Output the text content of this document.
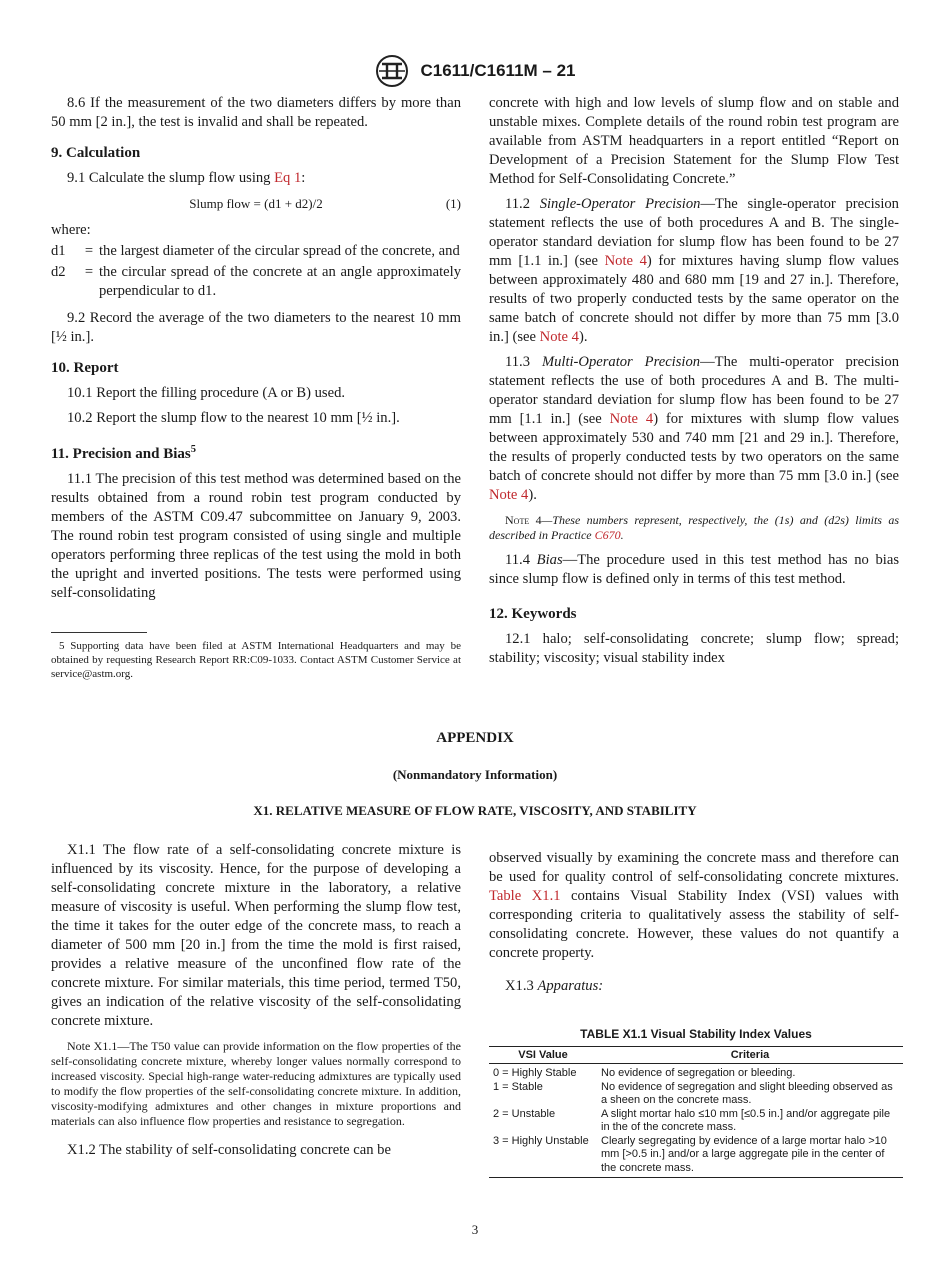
C1611/C1611M – 21

8.6 If the measurement of the two diameters differs by more than 50 mm [2 in.], the test is invalid and shall be repeated.

9. Calculation

9.1 Calculate the slump flow using Eq 1:

Slump flow = (d1 + d2)/2	(1)
where:
d1	= the largest diameter of the circular spread of the concrete, and
d2	= the circular spread of the concrete at an angle approximately perpendicular to d1.

9.2 Record the average of the two diameters to the nearest 10 mm [½ in.].

10. Report

10.1 Report the filling procedure (A or B) used.

10.2 Report the slump flow to the nearest 10 mm [½ in.].

11. Precision and Bias$^5$

11.1 The precision of this test method was determined based on the results obtained from a round robin test program conducted by members of the ASTM C09.47 subcommittee on January 9, 2003. The round robin test program consisted of using single and multiple operators performing three replicas of the test using the mold in both the upright and inverted positions. The tests were performed using self-consolidating

5 Supporting data have been filed at ASTM International Headquarters and may be obtained by requesting Research Report RR:C09-1033. Contact ASTM Customer Service at service@astm.org.

concrete with high and low levels of slump flow and on stable and unstable mixes. Complete details of the round robin test program are available from ASTM headquarters in a report entitled “Report on Development of a Precision Statement for the Slump Flow Test Method for Self-Consolidating Concrete.”

11.2 Single-Operator Precision—The single-operator precision statement reflects the use of both procedures A and B. The single-operator standard deviation for slump flow has been found to be 27 mm [1.1 in.] (see Note 4) for mixtures having slump flow values between approximately 480 and 680 mm [19 and 27 in.]. Therefore, results of two properly conducted tests by the same operator on the same batch of concrete should not differ by more than 75 mm [3.0 in.] (see Note 4).

11.3 Multi-Operator Precision—The multi-operator precision statement reflects the use of both procedures A and B. The multi-operator standard deviation for slump flow has been found to be 27 mm [1.1 in.] (see Note 4) for mixtures with slump flow values between approximately 530 and 740 mm [21 and 29 in.]. Therefore, the results of properly conducted tests by two operators on the same batch of concrete should not differ by more than 75 mm [3.0 in.] (see Note 4).

Note 4—These numbers represent, respectively, the (1s) and (d2s) limits as described in Practice C670.

11.4 Bias—The procedure used in this test method has no bias since slump flow is defined only in terms of this test method.

12. Keywords

12.1 halo; self-consolidating concrete; slump flow; spread; stability; viscosity; visual stability index

APPENDIX
(Nonmandatory Information)
X1. RELATIVE MEASURE OF FLOW RATE, VISCOSITY, AND STABILITY

X1.1 The flow rate of a self-consolidating concrete mixture is influenced by its viscosity. Hence, for the purpose of developing a self-consolidating concrete mixture in the laboratory, a relative measure of viscosity is useful. When performing the slump flow test, the time it takes for the outer edge of the concrete mass, to reach a diameter of 500 mm [20 in.] from the time the mold is first raised, provides a relative measure of the unconfined flow rate of the concrete mixture. For similar materials, this time period, termed T50, gives an indication of the relative viscosity of the self-consolidating concrete mixture.

Note X1.1—The T50 value can provide information on the flow properties of the self-consolidating concrete mixture, whereby longer values normally correspond to increased viscosity. Special high-range water-reducing admixtures are typically used to modify the flow properties of the self-consolidating concrete mixture. In addition, viscosity-modifying admixtures and other changes in mixture proportions and materials can also influence flow properties and resistance to segregation.

X1.2 The stability of self-consolidating concrete can be

observed visually by examining the concrete mass and therefore can be used for quality control of self-consolidating concrete mixtures. Table X1.1 contains Visual Stability Index (VSI) values with corresponding criteria to qualitatively assess the stability of self-consolidating concrete. However, these values do not quantify a concrete property.

X1.3 Apparatus:

TABLE X1.1 Visual Stability Index Values
VSI Value	Criteria
0 = Highly Stable	No evidence of segregation or bleeding.
1 = Stable	No evidence of segregation and slight bleeding observed as a sheen on the concrete mass.
2 = Unstable	A slight mortar halo ≤10 mm [≤0.5 in.] and/or aggregate pile in the of the concrete mass.
3 = Highly Unstable	Clearly segregating by evidence of a large mortar halo >10 mm [>0.5 in.] and/or a large aggregate pile in the center of the concrete mass.
3
